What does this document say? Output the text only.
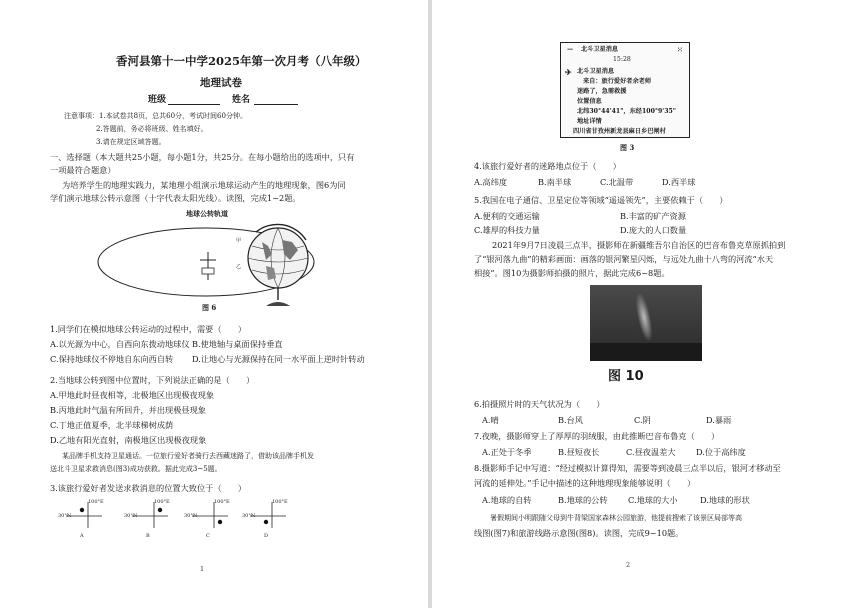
香河县第十一中学2025年第一次月考（八年级）
地理试卷
班级	姓名
注意事项：1.本试卷共8页，总共60分，考试时间60分钟。
2.答题前，务必将班级、姓名填好。
3.请在规定区域答题。
一、选择题（本大题共25小题，每小题1分，共25分。在每小题给出的选项中，只有
一项最符合题意）
为培养学生的地理实践力，某地理小组演示地球运动产生的地理现象，图6为同
学们演示地球公转示意图（十字代表太阳光线）。读图，完成1~2题。
地球公转轨道
甲
乙
图 6
1.同学们在模拟地球公转运动的过程中，需要（　　）
A.以光源为中心，自西向东拨动地球仪 B.使地轴与桌面保持垂直
C.保持地球仪不停地自东向西自转 D.让地心与光源保持在同一水平面上逆时针转动
2.当地球公转到图中位置时，下列说法正确的是（　　）
A.甲地此时昼夜相等，北极地区出现极夜现象
B.丙地此时气温有所回升，并出现极昼现象
C.丁地正值夏季，北半球梯树成荫
D.乙地有阳光直射，南极地区出现极夜现象
某品牌手机支持卫星通话。一位旅行爱好者骑行去西藏迷路了，借助该品牌手机发
送北斗卫星求救消息(图3)成功获救。据此完成3~5题。
3.该旅行爱好者发送求救消息的位置大致位于（　　）
100°E
30°N
A
100°E
30°N
B
100°E
30°N
C
100°E
30°N
D
1
— 北斗卫星消息	⁙
15:28
✈ 北斗卫星消息
来自：旅行爱好者余老师
迷路了，急需救援
位置信息
北纬30°44'41"，东经100°9'35"
地址详情
四川省甘孜州新龙县麻日乡巴闸村
图 3
4.该旅行爱好者的迷路地点位于（　　）
A.高纬度	B.南半球	C.北温带	D.西半球
5.我国在电子通信、卫星定位等领域“遥遥领先”，主要依赖于（　　）
A.便利的交通运输	B.丰富的矿产资源
C.雄厚的科技力量	D.庞大的人口数量
2021年9月7日凌晨三点半，摄影师在新疆维吾尔自治区的巴音布鲁克草原抓拍到
了“银河落九曲”的精彩画面：画落的银河繁星闪烁，与远处九曲十八弯的河流“水天
相接”。图10为摄影师拍摄的照片，据此完成6~8题。
图 10
6.拍摄照片时的天气状况为（　　）
A.晴	B.台风	C.阴	D.暴雨
7.夜晚，摄影师穿上了厚厚的羽绒服，由此推断巴音布鲁克（　　）
A.正处于冬季	B.昼短夜长	C.昼夜温差大 D.位于高纬度
8.摄影师手记中写道：“经过模拟计算得知，需要等到凌晨三点半以后，银河才移动至
河流的延伸处。”手记中描述的这种地理现象能够说明（　　）
A.地球的自转	B.地球的公转 C.地球的大小	D.地球的形状
暑假期间小明跟随父母到牛背梁国家森林公园旅游，他提前搜索了该景区局部等高
线图(图7)和旅游线路示意图(图8)。读图，完成9~10题。
2
